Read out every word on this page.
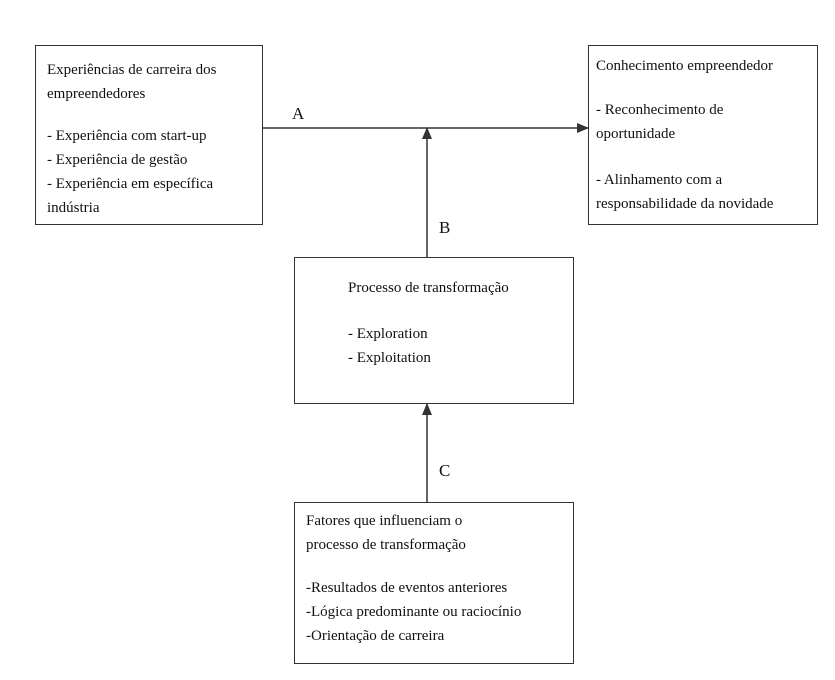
Experiências de carreira dos
empreendedores
- Experiência com start-up
- Experiência de gestão
- Experiência em específica
indústria
Conhecimento empreendedor
- Reconhecimento de
oportunidade
- Alinhamento com a
responsabilidade da novidade
Processo de transformação
- Exploration
- Exploitation
Fatores que influenciam o
processo de transformação
-Resultados de eventos anteriores
-Lógica predominante ou raciocínio
-Orientação de carreira
A
B
C
